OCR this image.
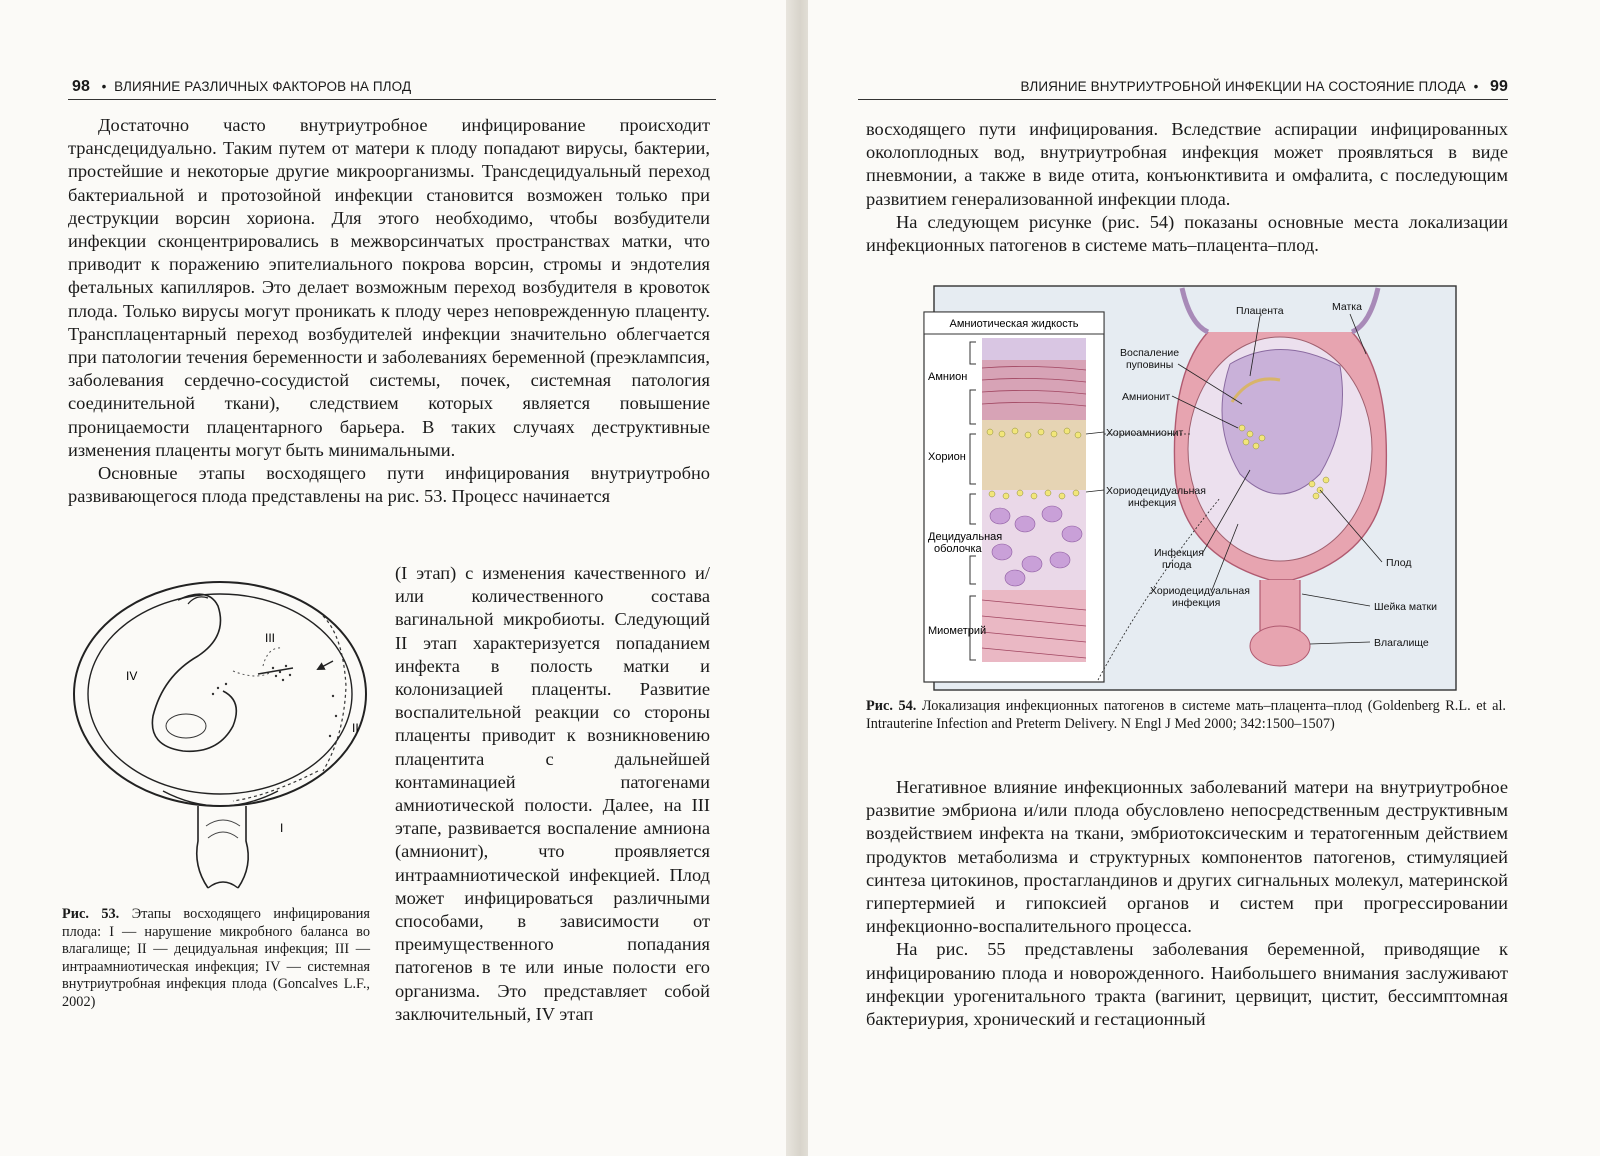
98 • ВЛИЯНИЕ РАЗЛИЧНЫХ ФАКТОРОВ НА ПЛОД

Достаточно часто внутриутробное инфицирование происходит трансдецидуально. Таким путем от матери к плоду попадают вирусы, бактерии, простейшие и некоторые другие микроорганизмы. Трансдецидуальный переход бактериальной и протозойной инфекции становится возможен только при деструкции ворсин хориона. Для этого необходимо, чтобы возбудители инфекции сконцентрировались в межворсинчатых пространствах матки, что приводит к поражению эпителиального покрова ворсин, стромы и эндотелия фетальных капилляров. Это делает возможным переход возбудителя в кровоток плода. Только вирусы могут проникать к плоду через неповрежденную плаценту. Трансплацентарный переход возбудителей инфекции значительно облегчается при патологии течения беременности и заболеваниях беременной (преэклампсия, заболевания сердечно-сосудистой системы, почек, системная патология соединительной ткани), следствием которых является повышение проницаемости плацентарного барьера. В таких случаях деструктивные изменения плаценты могут быть минимальными.

Основные этапы восходящего пути инфицирования внутриутробно развивающегося плода представлены на рис. 53. Процесс начинается

(I этап) с изменения качественного и/или количественного состава вагинальной микробиоты. Следующий II этап характеризуется попаданием инфекта в полость матки и колонизацией плаценты. Развитие воспалительной реакции со стороны плаценты приводит к возникновению плацентита с дальнейшей контаминацией патогенами амниотической полости. Далее, на III этапе, развивается воспаление амниона (амнионит), что проявляется интраамниотической инфекцией. Плод может инфицироваться различными способами, в зависимости от преимущественного попадания патогенов в те или иные полости его организма. Это представляет собой заключительный, IV этап

III
IV
II
I
Рис. 53. Этапы восходящего инфицирования плода: I — нарушение микробного баланса во влагалище; II — децидуальная инфекция; III — интраамниотическая инфекция; IV — системная внутриутробная инфекция плода (Goncalves L.F., 2002)
ВЛИЯНИЕ ВНУТРИУТРОБНОЙ ИНФЕКЦИИ НА СОСТОЯНИЕ ПЛОДА • 99

восходящего пути инфицирования. Вследствие аспирации инфицированных околоплодных вод, внутриутробная инфекция может проявляться в виде пневмонии, а также в виде отита, конъюнктивита и омфалита, с последующим развитием генерализованной инфекции плода.

На следующем рисунке (рис. 54) показаны основные места локализации инфекционных патогенов в системе мать–плацента–плод.

Амниотическая жидкость
Амнион
Хорион
Децидуальная
оболочка
Миометрий
Плацента	Матка
Воспаление
пуповины
Амнионит
Хориоамнионит
Хориодецидуальная
инфекция
Инфекция
плода
Хориодецидуальная
инфекция
Плод
Шейка матки
Влагалище
Рис. 54. Локализация инфекционных патогенов в системе мать–плацента–плод (Goldenberg R.L. et al. Intrauterine Infection and Preterm Delivery. N Engl J Med 2000; 342:1500–1507)

Негативное влияние инфекционных заболеваний матери на внутриутробное развитие эмбриона и/или плода обусловлено непосредственным деструктивным воздействием инфекта на ткани, эмбриотоксическим и тератогенным действием продуктов метаболизма и структурных компонентов патогенов, стимуляцией синтеза цитокинов, простагландинов и других сигнальных молекул, материнской гипертермией и гипоксией органов и систем при прогрессировании инфекционно-воспалительного процесса.

На рис. 55 представлены заболевания беременной, приводящие к инфицированию плода и новорожденного. Наибольшего внимания заслуживают инфекции урогенитального тракта (вагинит, цервицит, цистит, бессимптомная бактериурия, хронический и гестационный
